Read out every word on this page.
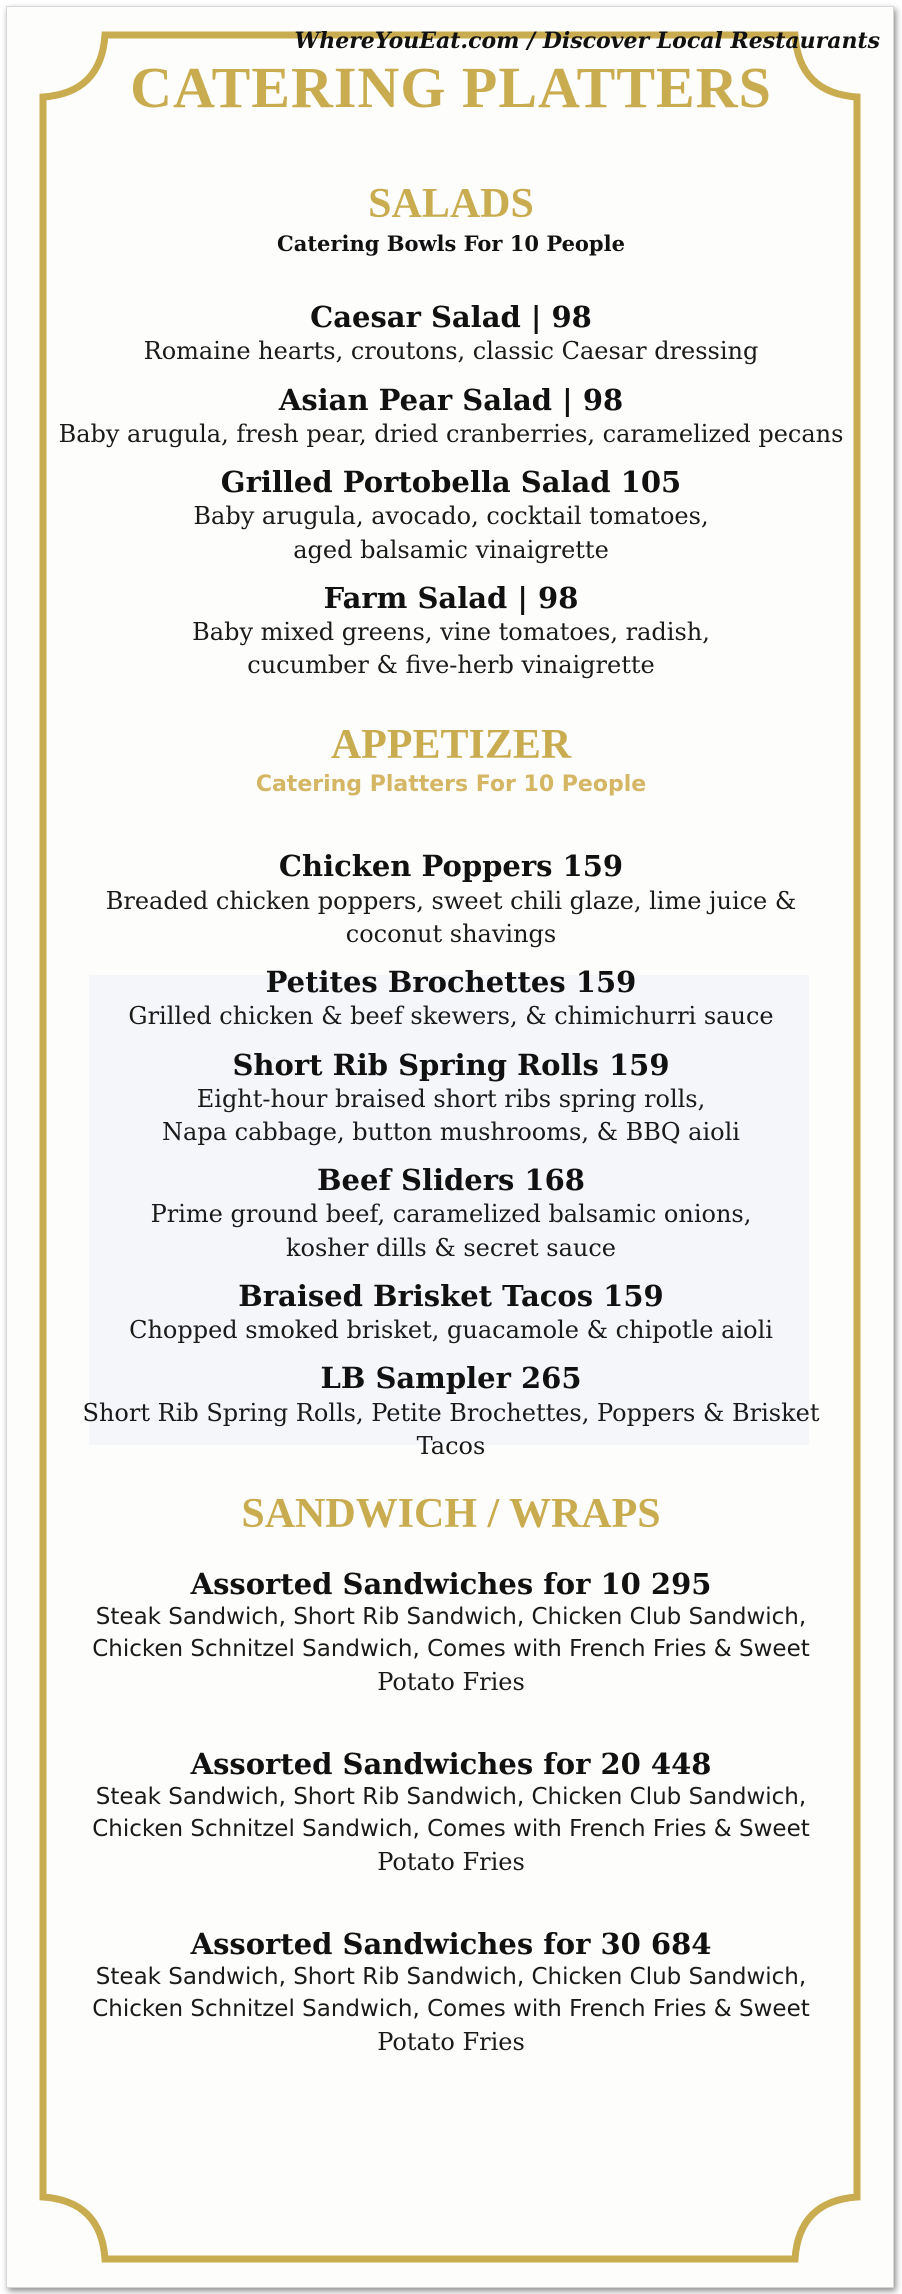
WhereYouEat.com / Discover Local Restaurants
CATERING PLATTERS
SALADS
Catering Bowls For 10 People
Caesar Salad | 98
Romaine hearts, croutons, classic Caesar dressing
Asian Pear Salad | 98
Baby arugula, fresh pear, dried cranberries, caramelized pecans
Grilled Portobella Salad 105
Baby arugula, avocado, cocktail tomatoes,
aged balsamic vinaigrette
Farm Salad | 98
Baby mixed greens, vine tomatoes, radish,
cucumber & five-herb vinaigrette
APPETIZER
Catering Platters For 10 People
Chicken Poppers 159
Breaded chicken poppers, sweet chili glaze, lime juice &
coconut shavings
Petites Brochettes 159
Grilled chicken & beef skewers, & chimichurri sauce
Short Rib Spring Rolls 159
Eight-hour braised short ribs spring rolls,
Napa cabbage, button mushrooms, & BBQ aioli
Beef Sliders 168
Prime ground beef, caramelized balsamic onions,
kosher dills & secret sauce
Braised Brisket Tacos 159
Chopped smoked brisket, guacamole & chipotle aioli
LB Sampler 265
Short Rib Spring Rolls, Petite Brochettes, Poppers & Brisket
Tacos
SANDWICH / WRAPS
Assorted Sandwiches for 10 295
Steak Sandwich, Short Rib Sandwich, Chicken Club Sandwich,
Chicken Schnitzel Sandwich, Comes with French Fries & Sweet
Potato Fries
Assorted Sandwiches for 20 448
Steak Sandwich, Short Rib Sandwich, Chicken Club Sandwich,
Chicken Schnitzel Sandwich, Comes with French Fries & Sweet
Potato Fries
Assorted Sandwiches for 30 684
Steak Sandwich, Short Rib Sandwich, Chicken Club Sandwich,
Chicken Schnitzel Sandwich, Comes with French Fries & Sweet
Potato Fries
